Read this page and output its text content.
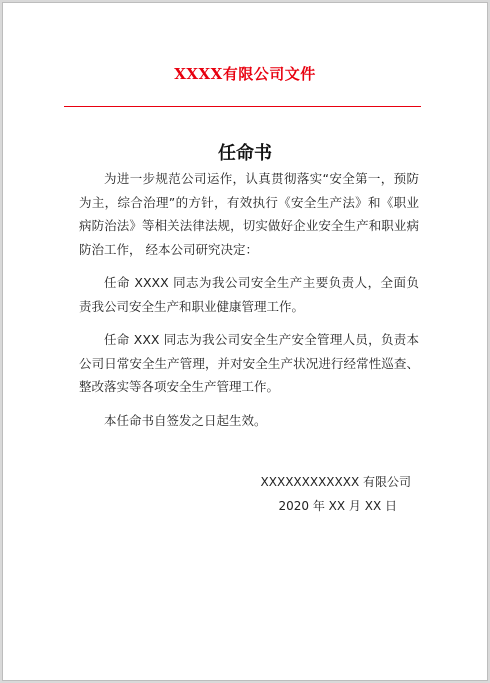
XXXX有限公司文件
任命书

为进一步规范公司运作，认真贯彻落实“安全第一，预防为主，综合治理”的方针，有效执行《安全生产法》和《职业病防治法》等相关法律法规，切实做好企业安全生产和职业病防治工作， 经本公司研究决定：

任命 XXXX 同志为我公司安全生产主要负责人，全面负责我公司安全生产和职业健康管理工作。

任命 XXX 同志为我公司安全生产安全管理人员，负责本公司日常安全生产管理，并对安全生产状况进行经常性巡查、整改落实等各项安全生产管理工作。

本任命书自签发之日起生效。

XXXXXXXXXXXX 有限公司
2020 年 XX 月 XX 日
